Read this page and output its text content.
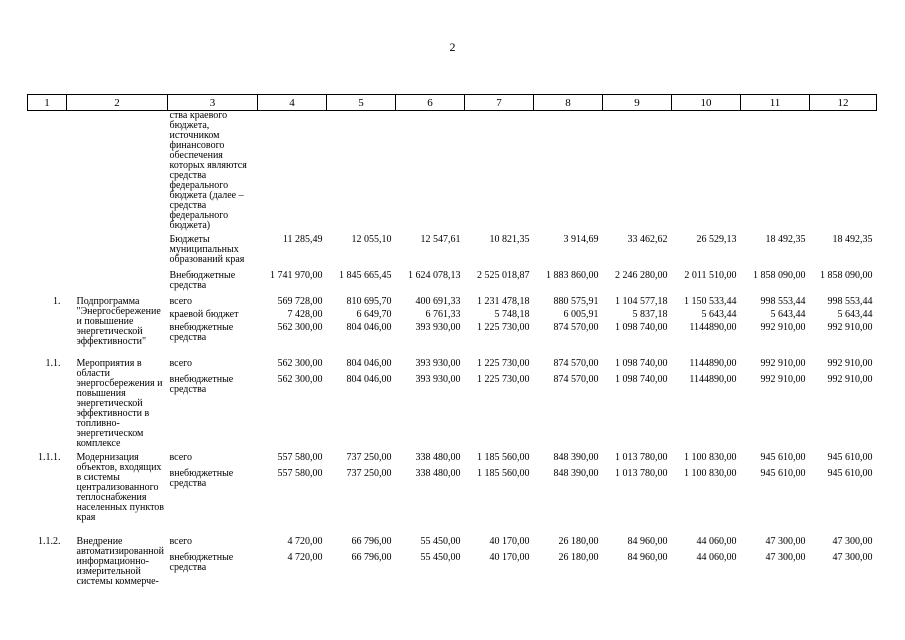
2
1	2	3	4	5	6	7	8	9	10	11	12
		ства краевого бюджета, источником финансового обеспечения которых являются средства федерального бюджета (далее – средства федерального бюджета)									
		Бюджеты муниципальных образований края	11 285,49	12 055,10	12 547,61	10 821,35	3 914,69	33 462,62	26 529,13	18 492,35	18 492,35
		Внебюджетные средства	1 741 970,00	1 845 665,45	1 624 078,13	2 525 018,87	1 883 860,00	2 246 280,00	2 011 510,00	1 858 090,00	1 858 090,00
1.	Подпрограмма "Энергосбережение и повышение энергетической эффективности"	всего	569 728,00	810 695,70	400 691,33	1 231 478,18	880 575,91	1 104 577,18	1 150 533,44	998 553,44	998 553,44
		краевой бюджет	7 428,00	6 649,70	6 761,33	5 748,18	6 005,91	5 837,18	5 643,44	5 643,44	5 643,44
		внебюджетные средства	562 300,00	804 046,00	393 930,00	1 225 730,00	874 570,00	1 098 740,00	1144890,00	992 910,00	992 910,00
1.1.	Мероприятия в области энергосбережения и повышения энергетической эффективности в топливно-энергетическом комплексе	всего	562 300,00	804 046,00	393 930,00	1 225 730,00	874 570,00	1 098 740,00	1144890,00	992 910,00	992 910,00
		внебюджетные средства	562 300,00	804 046,00	393 930,00	1 225 730,00	874 570,00	1 098 740,00	1144890,00	992 910,00	992 910,00
1.1.1.	Модернизация объектов, входящих в системы централизованного теплоснабжения населенных пунктов края	всего	557 580,00	737 250,00	338 480,00	1 185 560,00	848 390,00	1 013 780,00	1 100 830,00	945 610,00	945 610,00
		внебюджетные средства	557 580,00	737 250,00	338 480,00	1 185 560,00	848 390,00	1 013 780,00	1 100 830,00	945 610,00	945 610,00
1.1.2.	Внедрение автоматизированной информационно-измерительной системы коммерче-	всего	4 720,00	66 796,00	55 450,00	40 170,00	26 180,00	84 960,00	44 060,00	47 300,00	47 300,00
		внебюджетные средства	4 720,00	66 796,00	55 450,00	40 170,00	26 180,00	84 960,00	44 060,00	47 300,00	47 300,00
